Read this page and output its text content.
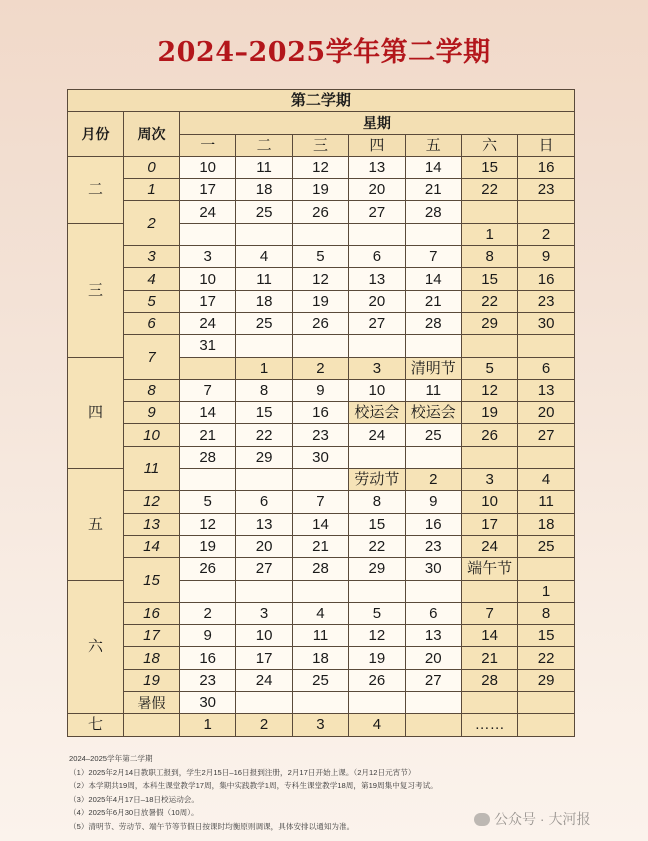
2024–2025学年第二学期
第二学期								
月份	周次	星期						
		一	二	三	四	五	六	日
二	0	10	11	12	13	14	15	16
	1	17	18	19	20	21	22	23
	2	24	25	26	27	28		
三							1	2
	3	3	4	5	6	7	8	9
	4	10	11	12	13	14	15	16
	5	17	18	19	20	21	22	23
	6	24	25	26	27	28	29	30
	7	31						
四			1	2	3	清明节	5	6
	8	7	8	9	10	11	12	13
	9	14	15	16	校运会	校运会	19	20
	10	21	22	23	24	25	26	27
	11	28	29	30				
五					劳动节	2	3	4
	12	5	6	7	8	9	10	11
	13	12	13	14	15	16	17	18
	14	19	20	21	22	23	24	25
	15	26	27	28	29	30	端午节	
六								1
	16	2	3	4	5	6	7	8
	17	9	10	11	12	13	14	15
	18	16	17	18	19	20	21	22
	19	23	24	25	26	27	28	29
	暑假	30						
七		1	2	3	4		……	
2024–2025学年第二学期
（1）2025年2月14日教职工报到，学生2月15日–16日报到注册，2月17日开始上课。（2月12日元宵节）
（2）本学期共19周，本科生课堂教学17周，集中实践教学1周，专科生课堂教学18周，第19周集中复习考试。
（3）2025年4月17日–18日校运动会。
（4）2025年6月30日放暑假（10周）。
（5）清明节、劳动节、端午节等节假日按课时均衡原则调课，具体安排以通知为准。	公众号 · 大河报
